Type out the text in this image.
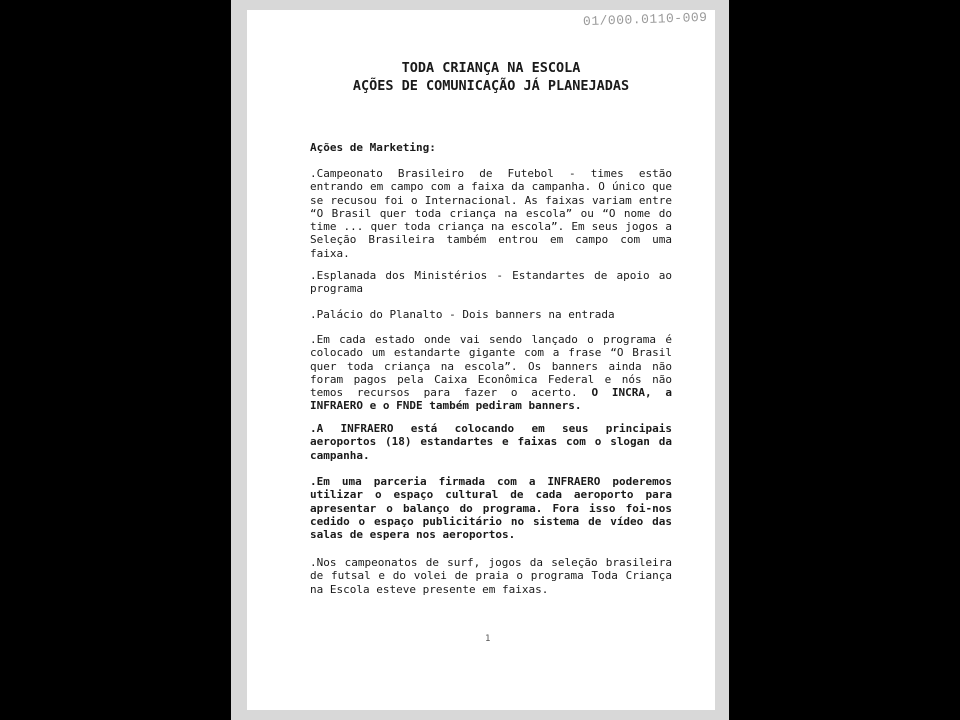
01/000.0110-009
TODA CRIANÇA NA ESCOLA
AÇÕES DE COMUNICAÇÃO JÁ PLANEJADAS
Ações de Marketing:
.Campeonato Brasileiro de Futebol - times estão entrando em campo com a faixa da campanha. O único que se recusou foi o Internacional. As faixas variam entre “O Brasil quer toda criança na escola” ou “O nome do time ... quer toda criança na escola”. Em seus jogos a Seleção Brasileira também entrou em campo com uma faixa.
.Esplanada dos Ministérios - Estandartes de apoio ao programa
.Palácio do Planalto - Dois banners na entrada
.Em cada estado onde vai sendo lançado o programa é colocado um estandarte gigante com a frase “O Brasil quer toda criança na escola”. Os banners ainda não foram pagos pela Caixa Econômica Federal e nós não temos recursos para fazer o acerto. O INCRA, a INFRAERO e o FNDE também pediram banners.
.A INFRAERO está colocando em seus principais aeroportos (18) estandartes e faixas com o slogan da campanha.
.Em uma parceria firmada com a INFRAERO poderemos utilizar o espaço cultural de cada aeroporto para apresentar o balanço do programa. Fora isso foi-nos cedido o espaço publicitário no sistema de vídeo das salas de espera nos aeroportos.
.Nos campeonatos de surf, jogos da seleção brasileira de futsal e do volei de praia o programa Toda Criança na Escola esteve presente em faixas.
1
